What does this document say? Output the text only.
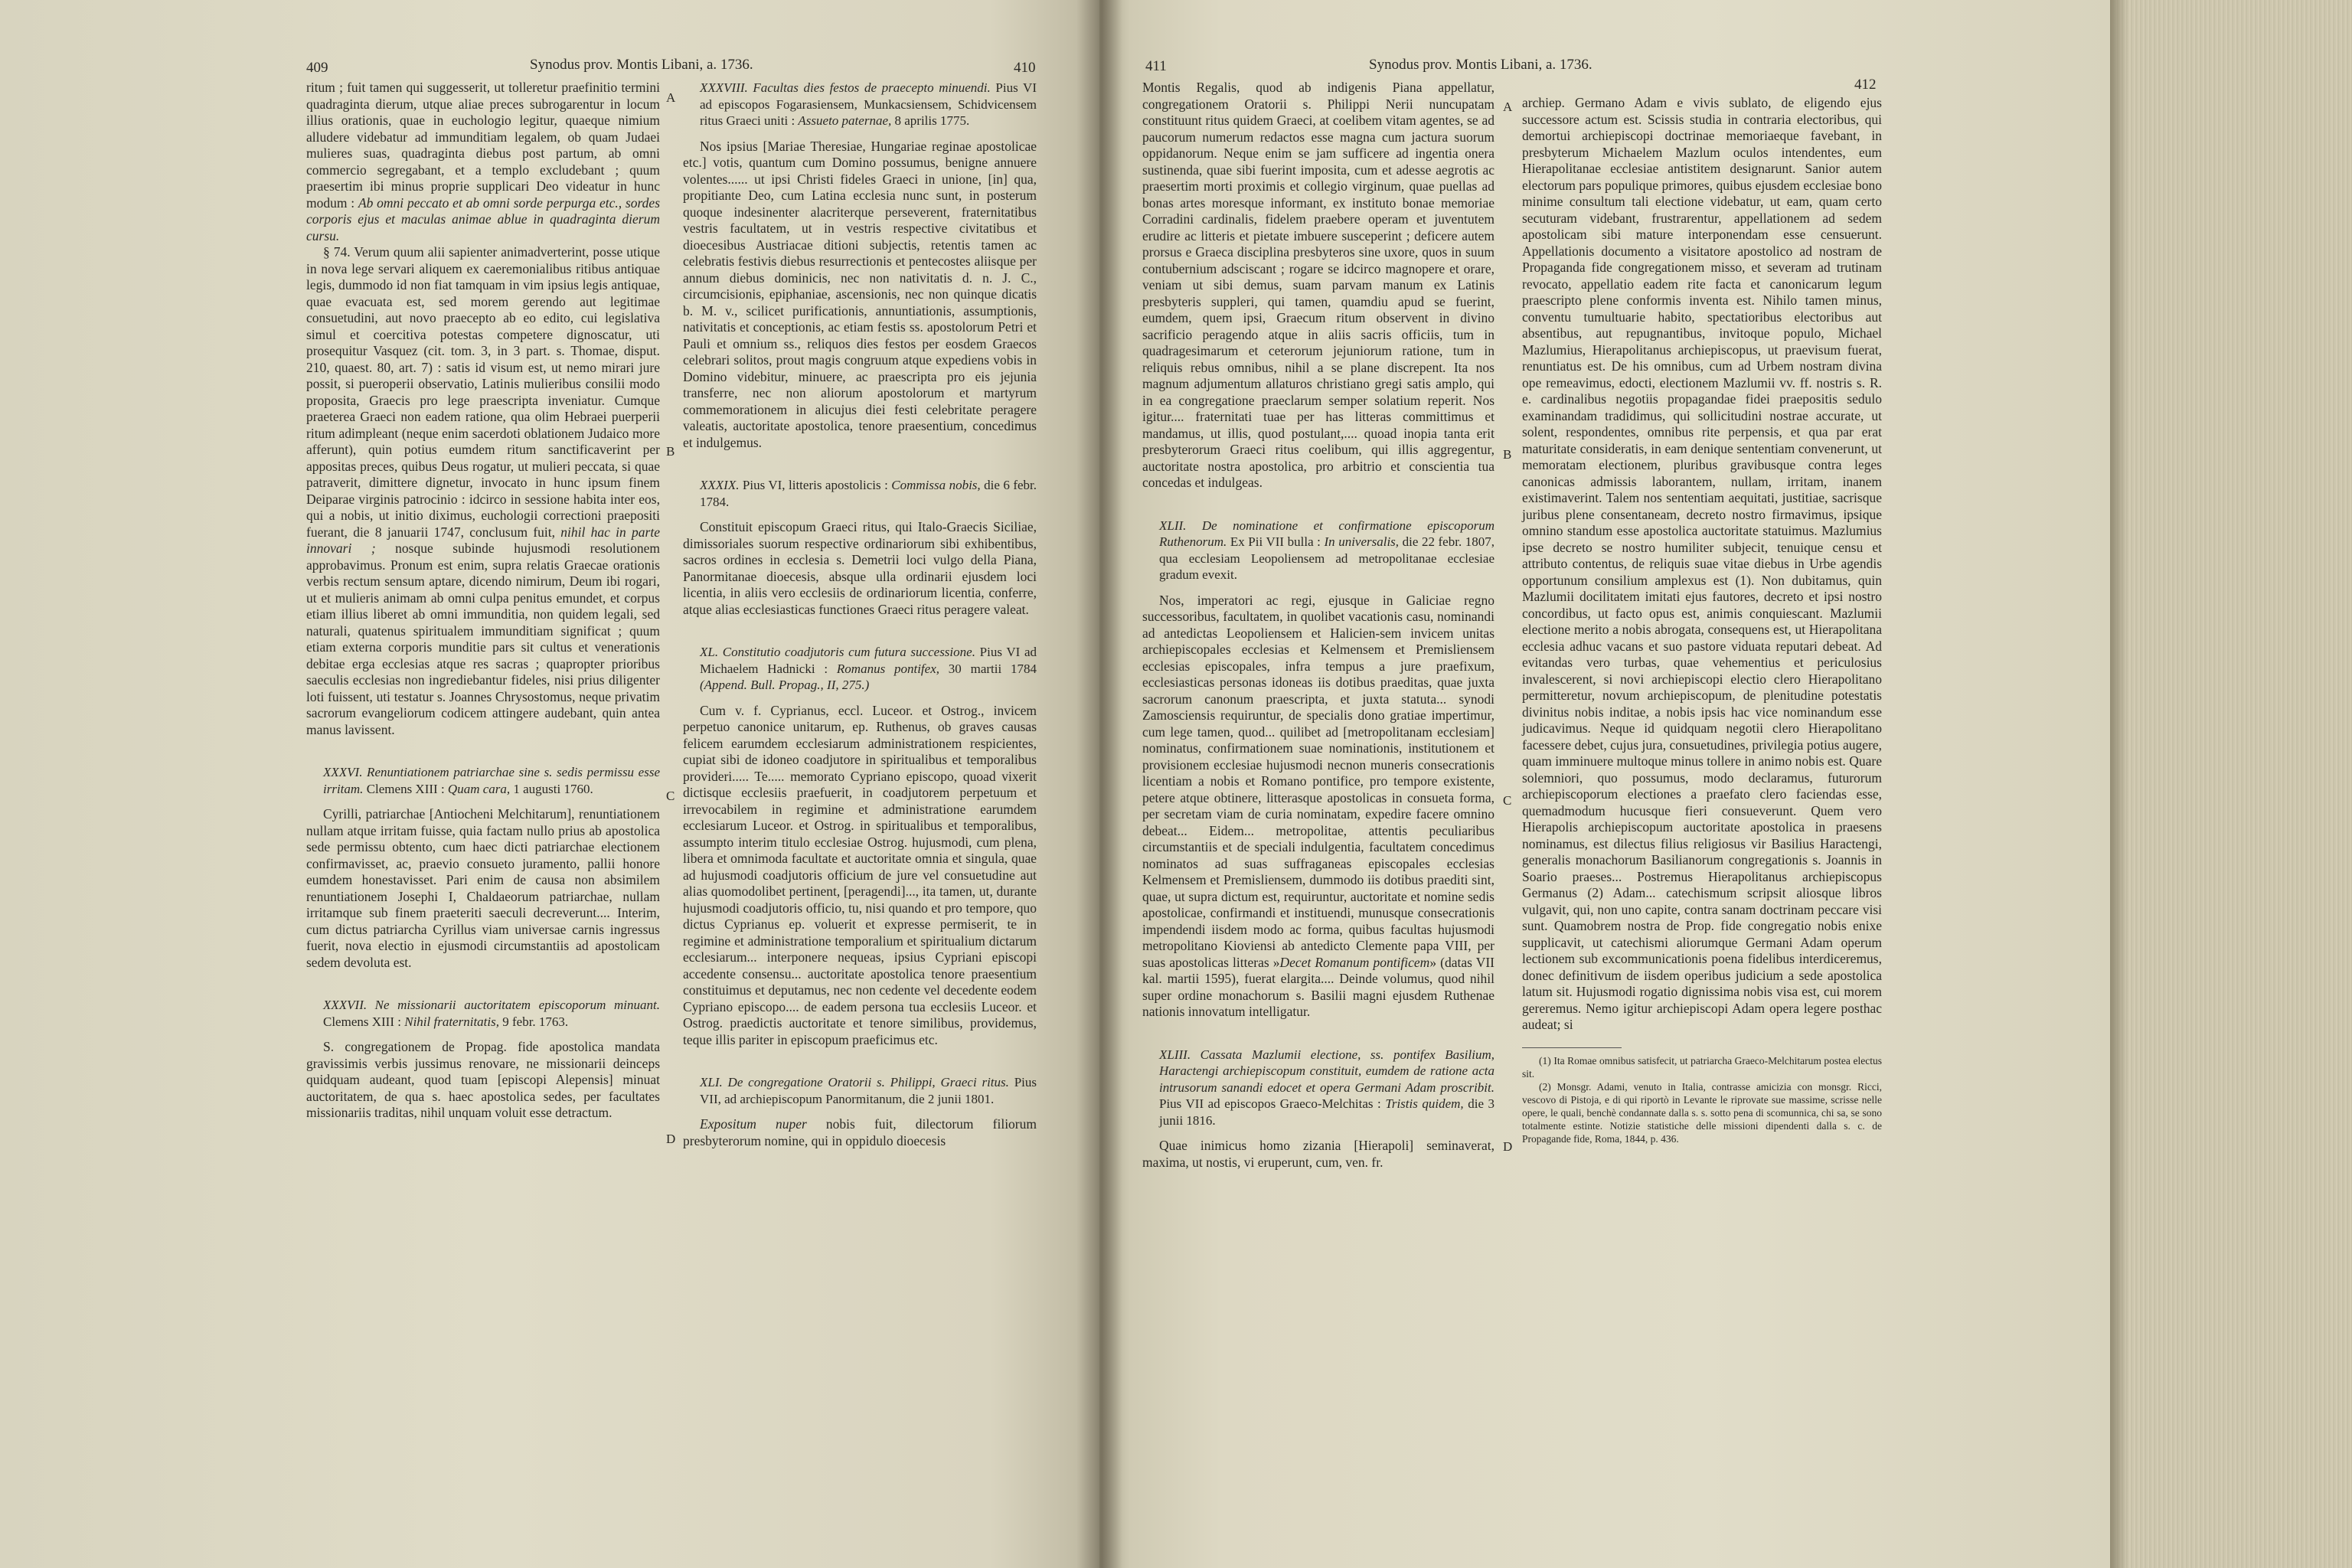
409	Synodus prov. Montis Libani, a. 1736.	410

ritum ; fuit tamen qui suggesserit, ut tolleretur praefinitio termini quadraginta dierum, utque aliae preces subrogarentur in locum illius orationis, quae in euchologio legitur, quaeque nimium alludere videbatur ad immunditiam legalem, ob quam Judaei mulieres suas, quadraginta diebus post partum, ab omni commercio segregabant, et a templo excludebant ; quum praesertim ibi minus proprie supplicari Deo videatur in hunc modum : Ab omni peccato et ab omni sorde perpurga etc., sordes corporis ejus et maculas animae ablue in quadraginta dierum cursu.

§ 74. Verum quum alii sapienter animadverterint, posse utique in nova lege servari aliquem ex caeremonialibus ritibus antiquae legis, dummodo id non fiat tamquam in vim ipsius legis antiquae, quae evacuata est, sed morem gerendo aut legitimae consuetudini, aut novo praecepto ab eo edito, cui legislativa simul et coercitiva potestas competere dignoscatur, uti prosequitur Vasquez (cit. tom. 3, in 3 part. s. Thomae, disput. 210, quaest. 80, art. 7) : satis id visum est, ut nemo mirari jure possit, si pueroperii observatio, Latinis mulieribus consilii modo proposita, Graecis pro lege praescripta inveniatur. Cumque praeterea Graeci non eadem ratione, qua olim Hebraei puerperii ritum adimpleant (neque enim sacerdoti oblationem Judaico more afferunt), quin potius eumdem ritum sanctificaverint per appositas preces, quibus Deus rogatur, ut mulieri peccata, si quae patraverit, dimittere dignetur, invocato in hunc ipsum finem Deiparae virginis patrocinio : idcirco in sessione habita inter eos, qui a nobis, ut initio diximus, euchologii correctioni praepositi fuerant, die 8 januarii 1747, conclusum fuit, nihil hac in parte innovari ; nosque subinde hujusmodi resolutionem approbavimus. Pronum est enim, supra relatis Graecae orationis verbis rectum sensum aptare, dicendo nimirum, Deum ibi rogari, ut et mulieris animam ab omni culpa penitus emundet, et corpus etiam illius liberet ab omni immunditia, non quidem legali, sed naturali, quatenus spiritualem immunditiam significat ; quum etiam externa corporis munditie pars sit cultus et venerationis debitae erga ecclesias atque res sacras ; quapropter prioribus saeculis ecclesias non ingrediebantur fideles, nisi prius diligenter loti fuissent, uti testatur s. Joannes Chrysostomus, neque privatim sacrorum evangeliorum codicem attingere audebant, quin antea manus lavissent.

XXXVI. Renuntiationem patriarchae sine s. sedis permissu esse irritam. Clemens XIII : Quam cara, 1 augusti 1760.

Cyrilli, patriarchae [Antiocheni Melchitarum], renuntiationem nullam atque irritam fuisse, quia factam nullo prius ab apostolica sede permissu obtento, cum haec dicti patriarchae electionem confirmavisset, ac, praevio consueto juramento, pallii honore eumdem honestavisset. Pari enim de causa non absimilem renuntiationem Josephi I, Chaldaeorum patriarchae, nullam irritamque sub finem praeteriti saeculi decreverunt.... Interim, cum dictus patriarcha Cyrillus viam universae carnis ingressus fuerit, nova electio in ejusmodi circumstantiis ad apostolicam sedem devoluta est.

XXXVII. Ne missionarii auctoritatem episcoporum minuant. Clemens XIII : Nihil fraternitatis, 9 febr. 1763.

S. congregationem de Propag. fide apostolica mandata gravissimis verbis jussimus renovare, ne missionarii deinceps quidquam audeant, quod tuam [episcopi Alepensis] minuat auctoritatem, de qua s. haec apostolica sedes, per facultates missionariis traditas, nihil unquam voluit esse detractum.

XXXVIII. Facultas dies festos de praecepto minuendi. Pius VI ad episcopos Fogarasiensem, Munkacsiensem, Schidvicensem ritus Graeci uniti : Assueto paternae, 8 aprilis 1775.

Nos ipsius [Mariae Theresiae, Hungariae reginae apostolicae etc.] votis, quantum cum Domino possumus, benigne annuere volentes...... ut ipsi Christi fideles Graeci in unione, [in] qua, propitiante Deo, cum Latina ecclesia nunc sunt, in posterum quoque indesinenter alacriterque perseverent, fraternitatibus vestris facultatem, ut in vestris respective civitatibus et dioecesibus Austriacae ditioni subjectis, retentis tamen ac celebratis festivis diebus resurrectionis et pentecostes aliisque per annum diebus dominicis, nec non nativitatis d. n. J. C., circumcisionis, epiphaniae, ascensionis, nec non quinque dicatis b. M. v., scilicet purificationis, annuntiationis, assumptionis, nativitatis et conceptionis, ac etiam festis ss. apostolorum Petri et Pauli et omnium ss., reliquos dies festos per eosdem Graecos celebrari solitos, prout magis congruum atque expediens vobis in Domino videbitur, minuere, ac praescripta pro eis jejunia transferre, nec non aliorum apostolorum et martyrum commemorationem in alicujus diei festi celebritate peragere valeatis, auctoritate apostolica, tenore praesentium, concedimus et indulgemus.

XXXIX. Pius VI, litteris apostolicis : Commissa nobis, die 6 febr. 1784.

Constituit episcopum Graeci ritus, qui Italo-Graecis Siciliae, dimissoriales suorum respective ordinariorum sibi exhibentibus, sacros ordines in ecclesia s. Demetrii loci vulgo della Piana, Panormitanae dioecesis, absque ulla ordinarii ejusdem loci licentia, in aliis vero ecclesiis de ordinariorum licentia, conferre, atque alias ecclesiasticas functiones Graeci ritus peragere valeat.

XL. Constitutio coadjutoris cum futura successione. Pius VI ad Michaelem Hadnicki : Romanus pontifex, 30 martii 1784 (Append. Bull. Propag., II, 275.)

Cum v. f. Cyprianus, eccl. Luceor. et Ostrog., invicem perpetuo canonice unitarum, ep. Ruthenus, ob graves causas felicem earumdem ecclesiarum administrationem respicientes, cupiat sibi de idoneo coadjutore in spiritualibus et temporalibus provideri..... Te..... memorato Cypriano episcopo, quoad vixerit dictisque ecclesiis praefuerit, in coadjutorem perpetuum et irrevocabilem in regimine et administratione earumdem ecclesiarum Luceor. et Ostrog. in spiritualibus et temporalibus, assumpto interim titulo ecclesiae Ostrog. hujusmodi, cum plena, libera et omnimoda facultate et auctoritate omnia et singula, quae ad hujusmodi coadjutoris officium de jure vel consuetudine aut alias quomodolibet pertinent, [peragendi]..., ita tamen, ut, durante hujusmodi coadjutoris officio, tu, nisi quando et pro tempore, quo dictus Cyprianus ep. voluerit et expresse permiserit, te in regimine et administratione temporalium et spiritualium dictarum ecclesiarum... interponere nequeas, ipsius Cypriani episcopi accedente consensu... auctoritate apostolica tenore praesentium constituimus et deputamus, nec non cedente vel decedente eodem Cypriano episcopo.... de eadem persona tua ecclesiis Luceor. et Ostrog. praedictis auctoritate et tenore similibus, providemus, teque illis pariter in episcopum praeficimus etc.

XLI. De congregatione Oratorii s. Philippi, Graeci ritus. Pius VII, ad archiepiscopum Panormitanum, die 2 junii 1801.

Expositum nuper nobis fuit, dilectorum filiorum presbyterorum nomine, qui in oppidulo dioecesis

A
B
C
D
411	Synodus prov. Montis Libani, a. 1736.
412

Montis Regalis, quod ab indigenis Piana appellatur, congregationem Oratorii s. Philippi Nerii nuncupatam constituunt ritus quidem Graeci, at coelibem vitam agentes, se ad paucorum numerum redactos esse magna cum jactura suorum oppidanorum. Neque enim se jam sufficere ad ingentia onera sustinenda, quae sibi fuerint imposita, cum et adesse aegrotis ac praesertim morti proximis et collegio virginum, quae puellas ad bonas artes moresque informant, ex instituto bonae memoriae Corradini cardinalis, fidelem praebere operam et juventutem erudire ac litteris et pietate imbuere susceperint ; deficere autem prorsus e Graeca disciplina presbyteros sine uxore, quos in suum contubernium adsciscant ; rogare se idcirco magnopere et orare, veniam ut sibi demus, suam parvam manum ex Latinis presbyteris suppleri, qui tamen, quamdiu apud se fuerint, eumdem, quem ipsi, Graecum ritum observent in divino sacrificio peragendo atque in aliis sacris officiis, tum in quadragesimarum et ceterorum jejuniorum ratione, tum in reliquis rebus omnibus, nihil a se plane discrepent. Ita nos magnum adjumentum allaturos christiano gregi satis amplo, qui in ea congregatione praeclarum semper solatium reperit. Nos igitur.... fraternitati tuae per has litteras committimus et mandamus, ut illis, quod postulant,.... quoad inopia tanta erit presbyterorum Graeci ritus coelibum, qui illis aggregentur, auctoritate nostra apostolica, pro arbitrio et conscientia tua concedas et indulgeas.

XLII. De nominatione et confirmatione episcoporum Ruthenorum. Ex Pii VII bulla : In universalis, die 22 febr. 1807, qua ecclesiam Leopoliensem ad metropolitanae ecclesiae gradum evexit.

Nos, imperatori ac regi, ejusque in Galiciae regno successoribus, facultatem, in quolibet vacationis casu, nominandi ad antedictas Leopoliensem et Halicien-sem invicem unitas archiepiscopales ecclesias et Kelmensem et Premisliensem ecclesias episcopales, infra tempus a jure praefixum, ecclesiasticas personas idoneas iis dotibus praeditas, quae juxta sacrorum canonum praescripta, et juxta statuta... synodi Zamosciensis requiruntur, de specialis dono gratiae impertimur, cum lege tamen, quod... quilibet ad [metropolitanam ecclesiam] nominatus, confirmationem suae nominationis, institutionem et provisionem ecclesiae hujusmodi necnon muneris consecrationis licentiam a nobis et Romano pontifice, pro tempore existente, petere atque obtinere, litterasque apostolicas in consueta forma, per secretam viam de curia nominatam, expedire facere omnino debeat... Eidem... metropolitae, attentis peculiaribus circumstantiis et de speciali indulgentia, facultatem concedimus nominatos ad suas suffraganeas episcopales ecclesias Kelmensem et Premisliensem, dummodo iis dotibus praediti sint, quae, ut supra dictum est, requiruntur, auctoritate et nomine sedis apostolicae, confirmandi et instituendi, munusque consecrationis impendendi iisdem modo ac forma, quibus facultas hujusmodi metropolitano Kioviensi ab antedicto Clemente papa VIII, per suas apostolicas litteras »Decet Romanum pontificem» (datas VII kal. martii 1595), fuerat elargita.... Deinde volumus, quod nihil super ordine monachorum s. Basilii magni ejusdem Ruthenae nationis innovatum intelligatur.

XLIII. Cassata Mazlumii electione, ss. pontifex Basilium, Haractengi archiepiscopum constituit, eumdem de ratione acta intrusorum sanandi edocet et opera Germani Adam proscribit. Pius VII ad episcopos Graeco-Melchitas : Tristis quidem, die 3 junii 1816.

Quae inimicus homo zizania [Hierapoli] seminaverat, maxima, ut nostis, vi eruperunt, cum, ven. fr.

archiep. Germano Adam e vivis sublato, de eligendo ejus successore actum est. Scissis studia in contraria electoribus, qui demortui archiepiscopi doctrinae memoriaeque favebant, in presbyterum Michaelem Mazlum oculos intendentes, eum Hierapolitanae ecclesiae antistitem designarunt. Sanior autem electorum pars populique primores, quibus ejusdem ecclesiae bono minime consultum tali electione videbatur, ut eam, quam certo secuturam videbant, frustrarentur, appellationem ad sedem apostolicam sibi mature interponendam esse censuerunt. Appellationis documento a visitatore apostolico ad nostram de Propaganda fide congregationem misso, et severam ad trutinam revocato, appellatio eadem rite facta et canonicarum legum praescripto plene conformis inventa est. Nihilo tamen minus, conventu tumultuarie habito, spectatioribus electoribus aut absentibus, aut repugnantibus, invitoque populo, Michael Mazlumius, Hierapolitanus archiepiscopus, ut praevisum fuerat, renuntiatus est. De his omnibus, cum ad Urbem nostram divina ope remeavimus, edocti, electionem Mazlumii vv. ff. nostris s. R. e. cardinalibus negotiis propagandae fidei praepositis sedulo examinandam tradidimus, qui sollicitudini nostrae accurate, ut solent, respondentes, omnibus rite perpensis, et qua par erat maturitate consideratis, in eam denique sententiam convenerunt, ut memoratam electionem, pluribus gravibusque contra leges canonicas admissis laborantem, nullam, irritam, inanem existimaverint. Talem nos sententiam aequitati, justitiae, sacrisque juribus plene consentaneam, decreto nostro firmavimus, ipsique omnino standum esse apostolica auctoritate statuimus. Mazlumius ipse decreto se nostro humiliter subjecit, tenuique censu et attributo contentus, de reliquis suae vitae diebus in Urbe agendis opportunum consilium amplexus est (1). Non dubitamus, quin Mazlumii docilitatem imitati ejus fautores, decreto et ipsi nostro concordibus, ut facto opus est, animis conquiescant. Mazlumii electione merito a nobis abrogata, consequens est, ut Hierapolitana ecclesia adhuc vacans et suo pastore viduata reputari debeat. Ad evitandas vero turbas, quae vehementius et periculosius invalescerent, si novi archiepiscopi electio clero Hierapolitano permitteretur, novum archiepiscopum, de plenitudine potestatis divinitus nobis inditae, a nobis ipsis hac vice nominandum esse judicavimus. Neque id quidquam negotii clero Hierapolitano facessere debet, cujus jura, consuetudines, privilegia potius augere, quam imminuere multoque minus tollere in animo nobis est. Quare solemniori, quo possumus, modo declaramus, futurorum archiepiscoporum electiones a praefato clero faciendas esse, quemadmodum hucusque fieri consueverunt. Quem vero Hierapolis archiepiscopum auctoritate apostolica in praesens nominamus, est dilectus filius religiosus vir Basilius Haractengi, generalis monachorum Basilianorum congregationis s. Joannis in Soario praeses... Postremus Hierapolitanus archiepiscopus Germanus (2) Adam... catechismum scripsit aliosque libros vulgavit, qui, non uno capite, contra sanam doctrinam peccare visi sunt. Quamobrem nostra de Prop. fide congregatio nobis enixe supplicavit, ut catechismi aliorumque Germani Adam operum lectionem sub excommunicationis poena fidelibus interdiceremus, donec definitivum de iisdem operibus judicium a sede apostolica latum sit. Hujusmodi rogatio dignissima nobis visa est, cui morem gereremus. Nemo igitur archiepiscopi Adam opera legere posthac audeat; si

(1) Ita Romae omnibus satisfecit, ut patriarcha Graeco-Melchitarum postea electus sit.

(2) Monsgr. Adami, venuto in Italia, contrasse amicizia con monsgr. Ricci, vescovo di Pistoja, e di qui riportò in Levante le riprovate sue massime, scrisse nelle opere, le quali, benchè condannate dalla s. s. sotto pena di scomunnica, chi sa, se sono totalmente estinte. Notizie statistiche delle missioni dipendenti dalla s. c. de Propagande fide, Roma, 1844, p. 436.

A
B
C
D
